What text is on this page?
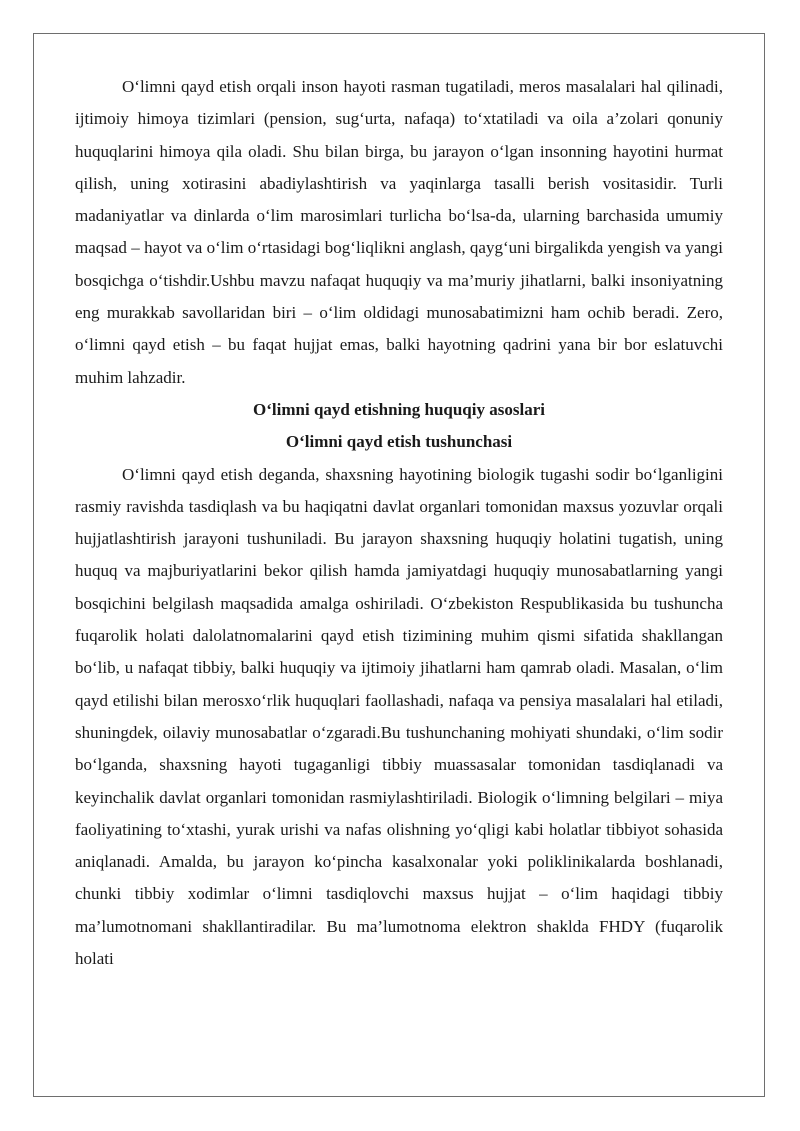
O‘limni qayd etish orqali inson hayoti rasman tugatiladi, meros masalalari hal qilinadi, ijtimoiy himoya tizimlari (pension, sug‘urta, nafaqa) to‘xtatiladi va oila a’zolari qonuniy huquqlarini himoya qila oladi. Shu bilan birga, bu jarayon o‘lgan insonning hayotini hurmat qilish, uning xotirasini abadiylashtirish va yaqinlarga tasalli berish vositasidir. Turli madaniyatlar va dinlarda o‘lim marosimlari turlicha bo‘lsa-da, ularning barchasida umumiy maqsad – hayot va o‘lim o‘rtasidagi bog‘liqlikni anglash, qayg‘uni birgalikda yengish va yangi bosqichga o‘tishdir.Ushbu mavzu nafaqat huquqiy va ma’muriy jihatlarni, balki insoniyatning eng murakkab savollaridan biri – o‘lim oldidagi munosabatimizni ham ochib beradi. Zero, o‘limni qayd etish – bu faqat hujjat emas, balki hayotning qadrini yana bir bor eslatuvchi muhim lahzadir.

O‘limni qayd etishning huquqiy asoslari

O‘limni qayd etish tushunchasi

O‘limni qayd etish deganda, shaxsning hayotining biologik tugashi sodir bo‘lganligini rasmiy ravishda tasdiqlash va bu haqiqatni davlat organlari tomonidan maxsus yozuvlar orqali hujjatlashtirish jarayoni tushuniladi. Bu jarayon shaxsning huquqiy holatini tugatish, uning huquq va majburiyatlarini bekor qilish hamda jamiyatdagi huquqiy munosabatlarning yangi bosqichini belgilash maqsadida amalga oshiriladi. O‘zbekiston Respublikasida bu tushuncha fuqarolik holati dalolatnomalarini qayd etish tizimining muhim qismi sifatida shakllangan bo‘lib, u nafaqat tibbiy, balki huquqiy va ijtimoiy jihatlarni ham qamrab oladi. Masalan, o‘lim qayd etilishi bilan merosxo‘rlik huquqlari faollashadi, nafaqa va pensiya masalalari hal etiladi, shuningdek, oilaviy munosabatlar o‘zgaradi.Bu tushunchaning mohiyati shundaki, o‘lim sodir bo‘lganda, shaxsning hayoti tugaganligi tibbiy muassasalar tomonidan tasdiqlanadi va keyinchalik davlat organlari tomonidan rasmiylashtiriladi. Biologik o‘limning belgilari – miya faoliyatining to‘xtashi, yurak urishi va nafas olishning yo‘qligi kabi holatlar tibbiyot sohasida aniqlanadi. Amalda, bu jarayon ko‘pincha kasalxonalar yoki poliklinikalarda boshlanadi, chunki tibbiy xodimlar o‘limni tasdiqlovchi maxsus hujjat – o‘lim haqidagi tibbiy ma’lumotnomani shakllantiradilar. Bu ma’lumotnoma elektron shaklda FHDY (fuqarolik holati
